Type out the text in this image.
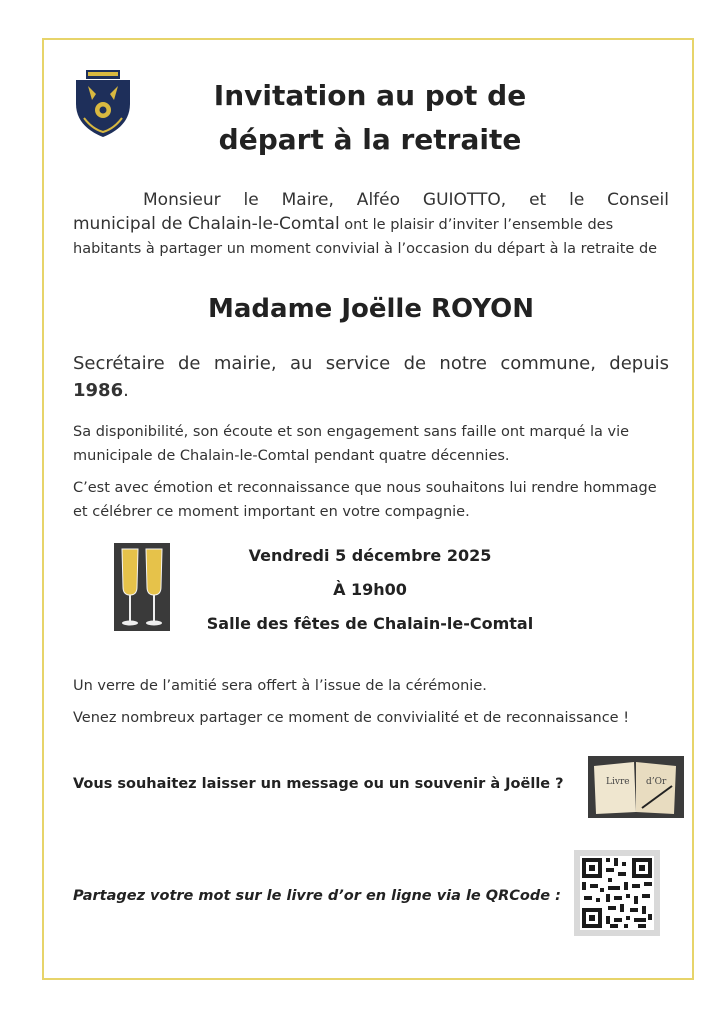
Invitation au pot de
départ à la retraite
Monsieur le Maire, Alféo GUIOTTO, et le Conseil
municipal de Chalain-le-Comtal ont le plaisir d’inviter l’ensemble des
habitants à partager un moment convivial à l’occasion du départ à la retraite de
Madame Joëlle ROYON
Secrétaire de mairie, au service de notre commune, depuis 1986.
Sa disponibilité, son écoute et son engagement sans faille ont marqué la vie municipale de Chalain-le-Comtal pendant quatre décennies.
C’est avec émotion et reconnaissance que nous souhaitons lui rendre hommage et célébrer ce moment important en votre compagnie.
Vendredi 5 décembre 2025
À 19h00
Salle des fêtes de Chalain-le-Comtal
Un verre de l’amitié sera offert à l’issue de la cérémonie.
Venez nombreux partager ce moment de convivialité et de reconnaissance !
Vous souhaitez laisser un message ou un souvenir à Joëlle ?	Livre d’Or
Partagez votre mot sur le livre d’or en ligne via le QRCode :
